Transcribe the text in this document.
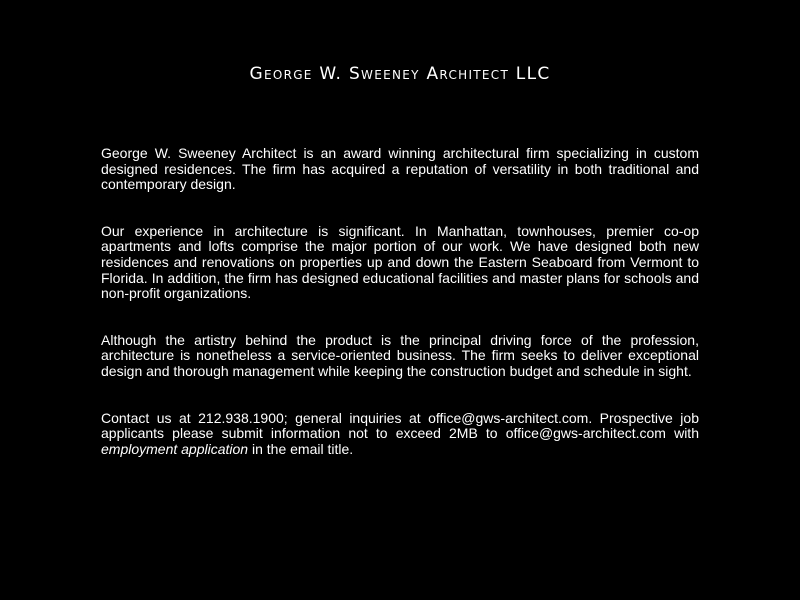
George W. Sweeney Architect LLC

George W. Sweeney Architect is an award winning architectural firm specializing in custom designed residences. The firm has acquired a reputation of versatility in both traditional and contemporary design.

Our experience in architecture is significant. In Manhattan, townhouses, premier co-op apartments and lofts comprise the major portion of our work. We have designed both new residences and renovations on properties up and down the Eastern Seaboard from Vermont to Florida. In addition, the firm has designed educational facilities and master plans for schools and non-profit organizations.

Although the artistry behind the product is the principal driving force of the profession, architecture is nonetheless a service-oriented business. The firm seeks to deliver exceptional design and thorough management while keeping the construction budget and schedule in sight.

Contact us at 212.938.1900; general inquiries at office@gws-architect.com. Prospective job applicants please submit information not to exceed 2MB to office@gws-architect.com with employment application in the email title.
